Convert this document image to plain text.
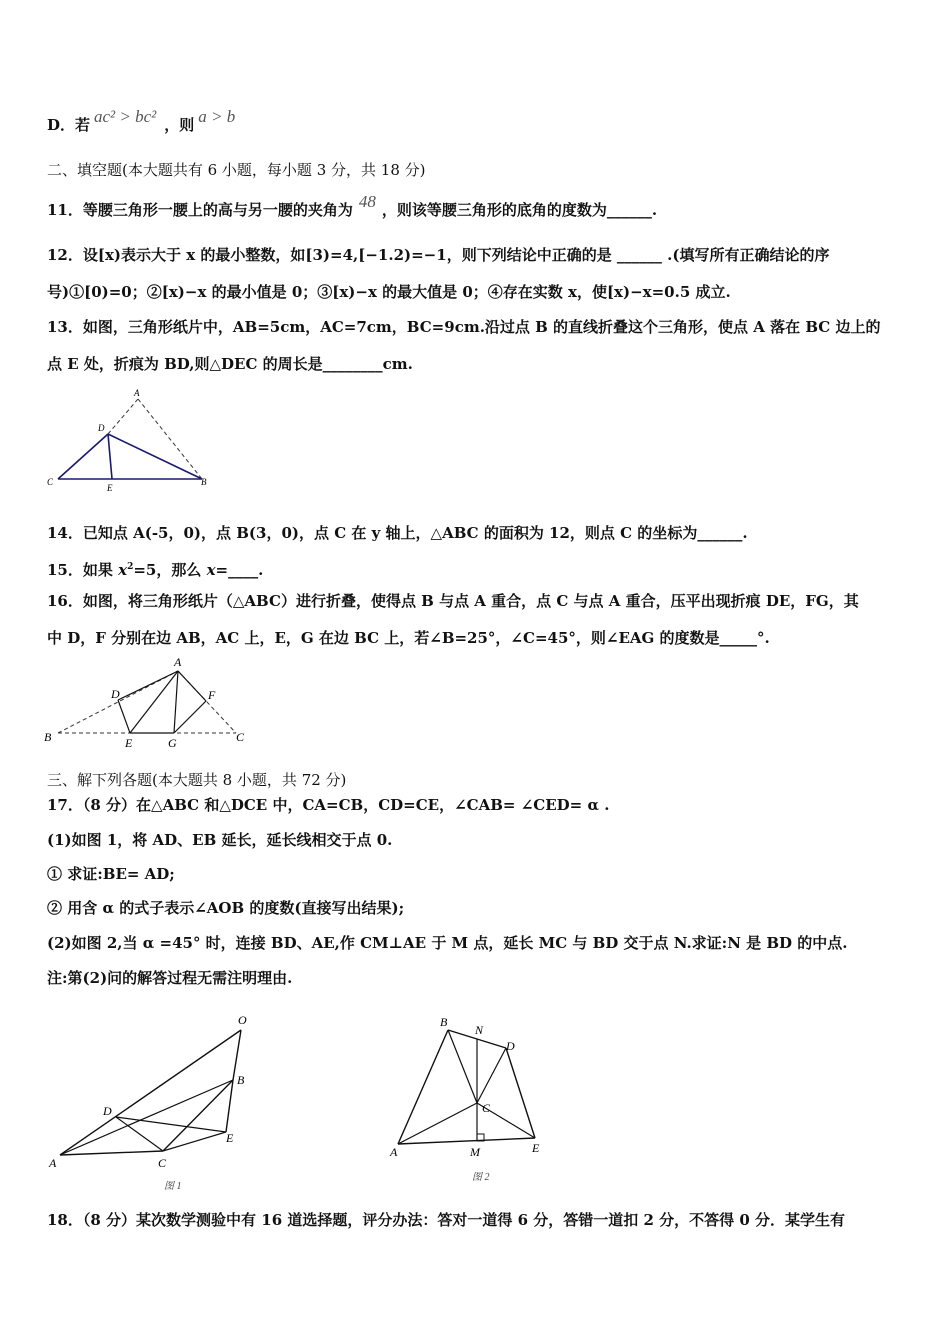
D．若 ac² > bc² ，则 a > b
二、填空题(本大题共有 6 小题，每小题 3 分，共 18 分)
11．等腰三角形一腰上的高与另一腰的夹角为 48 ，则该等腰三角形的底角的度数为______.
12．设[x)表示大于 x 的最小整数，如[3)=4,[−1.2)=−1，则下列结论中正确的是 ______ .(填写所有正确结论的序
号)①[0)=0；②[x)−x 的最小值是 0；③[x)−x 的最大值是 0；④存在实数 x，使[x)−x=0.5 成立.
13．如图，三角形纸片中，AB=5cm，AC=7cm，BC=9cm.沿过点 B 的直线折叠这个三角形，使点 A 落在 BC 边上的
点 E 处，折痕为 BD,则△DEC 的周长是________cm.
A
D
C
E
B
14．已知点 A(-5，0)，点 B(3，0)，点 C 在 y 轴上，△ABC 的面积为 12，则点 C 的坐标为______.
15．如果 $x^2=5$，那么 x=____.
16．如图，将三角形纸片（△ABC）进行折叠，使得点 B 与点 A 重合，点 C 与点 A 重合，压平出现折痕 DE，FG，其
中 D，F 分别在边 AB，AC 上，E，G 在边 BC 上，若∠B=25°，∠C=45°，则∠EAG 的度数是_____°.
A
D	F
B	E	G	C
三、解下列各题(本大题共 8 小题，共 72 分)
17．（8 分）在△ABC 和△DCE 中，CA=CB，CD=CE，∠CAB= ∠CED= α .
(1)如图 1，将 AD、EB 延长，延长线相交于点 0.
① 求证:BE= AD;
② 用含 α 的式子表示∠AOB 的度数(直接写出结果);
(2)如图 2,当 α =45° 时，连接 BD、AE,作 CM⊥AE 于 M 点，延长 MC 与 BD 交于点 N.求证:N 是 BD 的中点.
注:第(2)问的解答过程无需注明理由.
O
B
D
E
A	C
图 1
B
N
D
C
A	M	E
图 2
18．（8 分）某次数学测验中有 16 道选择题，评分办法：答对一道得 6 分，答错一道扣 2 分，不答得 0 分．某学生有
